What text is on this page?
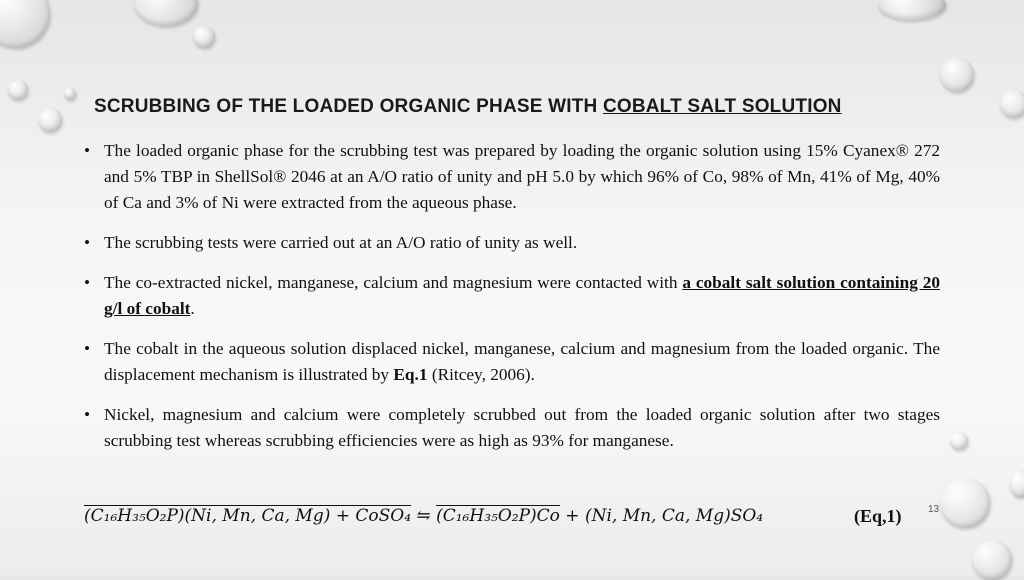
SCRUBBING OF THE LOADED ORGANIC PHASE WITH COBALT SALT SOLUTION
• The loaded organic phase for the scrubbing test was prepared by loading the organic solution using 15% Cyanex® 272 and 5% TBP in ShellSol® 2046 at an A/O ratio of unity and pH 5.0 by which 96% of Co, 98% of Mn, 41% of Mg, 40% of Ca and 3% of Ni were extracted from the aqueous phase.
• The scrubbing tests were carried out at an A/O ratio of unity as well.
• The co-extracted nickel, manganese, calcium and magnesium were contacted with a cobalt salt solution containing 20 g/l of cobalt.
• The cobalt in the aqueous solution displaced nickel, manganese, calcium and magnesium from the loaded organic. The displacement mechanism is illustrated by Eq.1 (Ritcey, 2006).
• Nickel, magnesium and calcium were completely scrubbed out from the loaded organic solution after two stages scrubbing test whereas scrubbing efficiencies were as high as 93% for manganese.
(C₁₆H₃₅O₂P)(Ni, Mn, Ca, Mg) + CoSO₄ ⇋ (C₁₆H₃₅O₂P)Co + (Ni, Mn, Ca, Mg)SO₄	(Eq,1)	13
